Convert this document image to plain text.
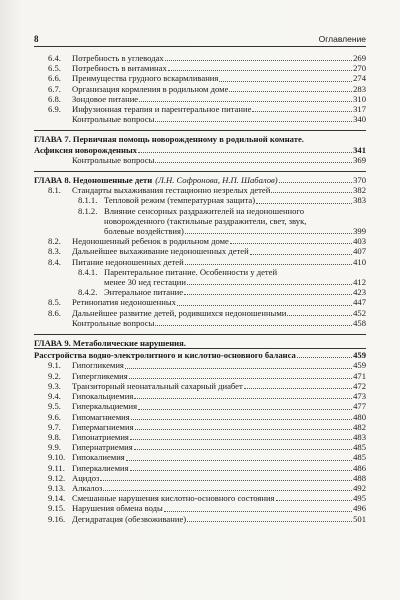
8	Оглавление
6.4.	Потребность в углеводах	269
6.5.	Потребность в витаминах	270
6.6.	Преимущества грудного вскармливания	274
6.7.	Организация кормления в родильном доме	283
6.8.	Зондовое питание	310
6.9.	Инфузионная терапия и парентеральное питание	317
Контрольные вопросы	340
ГЛАВА 7. Первичная помощь новорожденному в родильной комнате.
Асфиксия новорожденных	341
Контрольные вопросы	369
ГЛАВА 8. Недоношенные дети (Л.Н. Софронова, Н.П. Шабалов)	370
8.1.	Стандарты выхаживания гестационно незрелых детей	382
8.1.1. Тепловой режим (температурная защита)	383
8.1.2. Влияние сенсорных раздражителей на недоношенного
новорожденного (тактильные раздражители, свет, звук,
болевые воздействия)	399
8.2.	Недоношенный ребенок в родильном доме	403
8.3.	Дальнейшее выхаживание недоношенных детей	407
8.4.	Питание недоношенных детей	410
8.4.1. Парентеральное питание. Особенности у детей
менее 30 нед гестации	412
8.4.2. Энтеральное питание	423
8.5.	Ретинопатия недоношенных	447
8.6.	Дальнейшее развитие детей, родившихся недоношенными	452
Контрольные вопросы	458
ГЛАВА 9. Метаболические нарушения.
Расстройства водно-электролитного и кислотно-основного баланса	459
9.1.	Гипогликемия	459
9.2.	Гипергликемия	471
9.3.	Транзиторный неонатальный сахарный диабет	472
9.4.	Гипокальциемия	473
9.5.	Гиперкальциемия	477
9.6.	Гипомагниемия	480
9.7.	Гипермагниемия	482
9.8.	Гипонатриемия	483
9.9.	Гипернатриемия	485
9.10. Гипокалиемия	485
9.11. Гиперкалиемия	486
9.12. Ацидоз	488
9.13. Алкалоз	492
9.14. Смешанные нарушения кислотно-основного состояния	495
9.15. Нарушения обмена воды	496
9.16. Дегидратация (обезвоживание)	501
